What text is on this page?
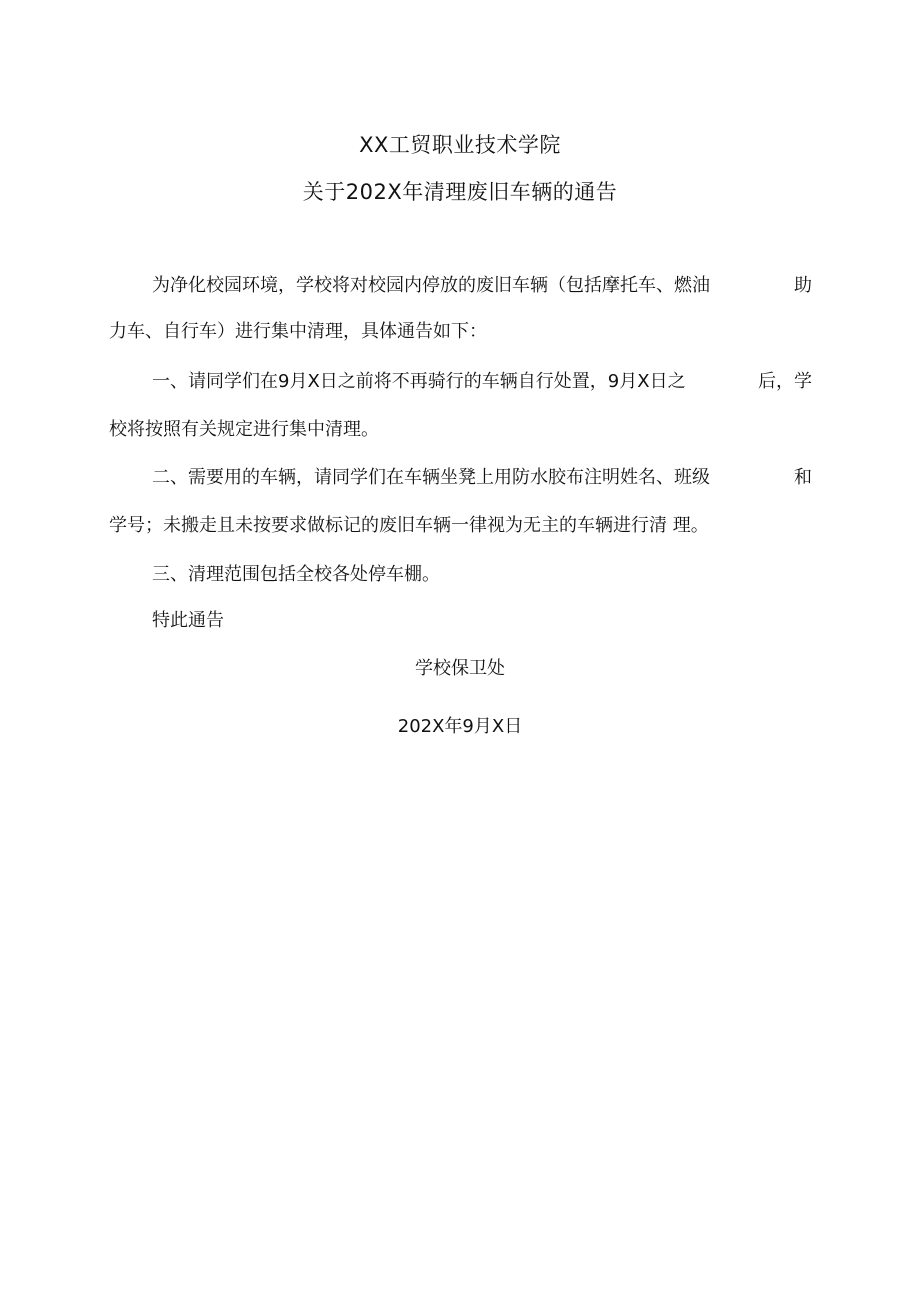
XX工贸职业技术学院
关于202X年清理废旧车辆的通告
为净化校园环境，学校将对校园内停放的废旧车辆（包括摩托车、燃油	助
力车、自行车）进行集中清理，具体通告如下：
一、请同学们在9月X日之前将不再骑行的车辆自行处置，9月X日之	后，学
校将按照有关规定进行集中清理。
二、需要用的车辆，请同学们在车辆坐凳上用防水胶布注明姓名、班级	和
学号；未搬走且未按要求做标记的废旧车辆一律视为无主的车辆进行清 理。
三、清理范围包括全校各处停车棚。
特此通告
学校保卫处
202X年9月X日
